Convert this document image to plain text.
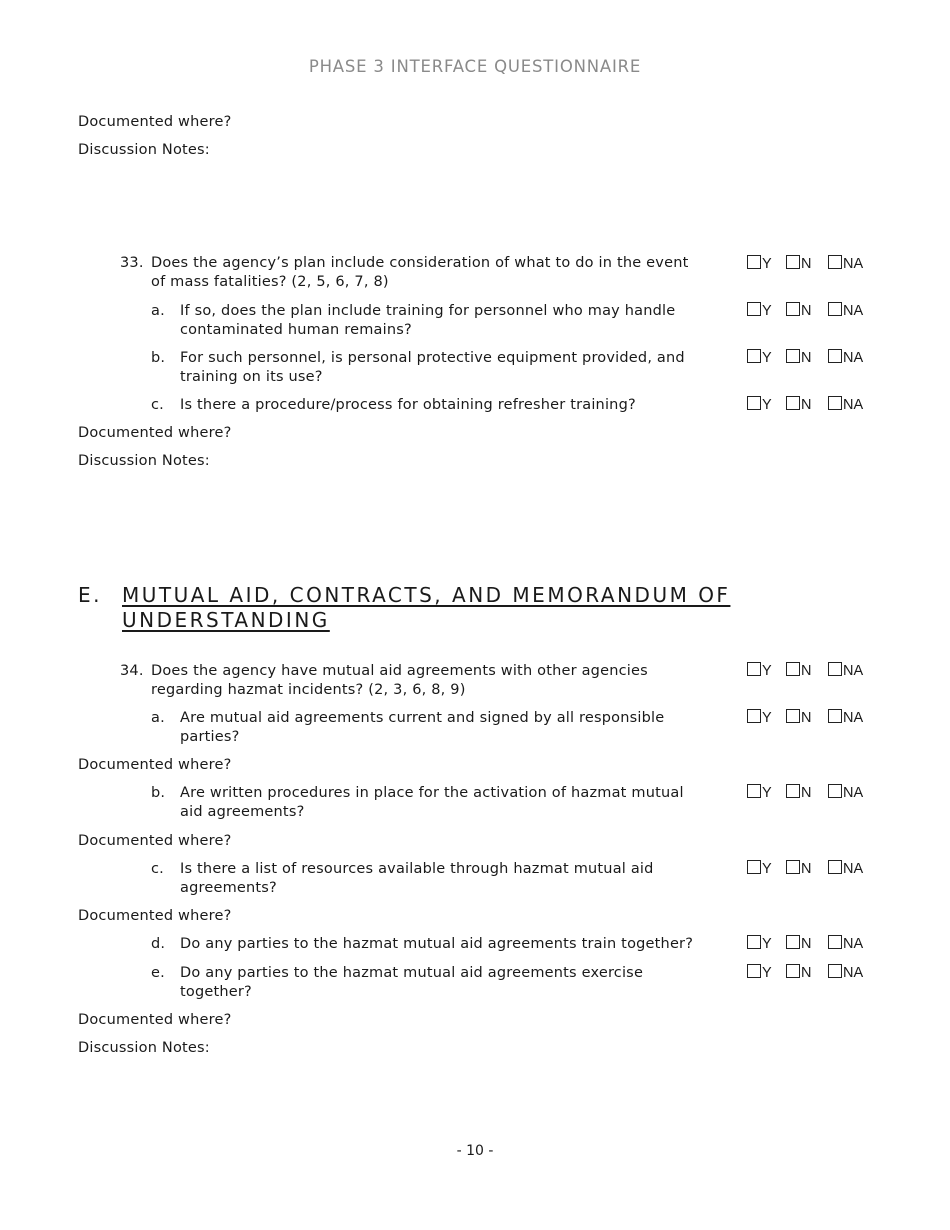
PHASE 3 INTERFACE QUESTIONNAIRE
Documented where?
Discussion Notes:
33. Does the agency’s plan include consideration of what to do in the event
of mass fatalities? (2, 5, 6, 7, 8)
Y N NA
a. If so, does the plan include training for personnel who may handle
contaminated human remains?
Y N NA
b. For such personnel, is personal protective equipment provided, and
training on its use?
Y N NA
c. Is there a procedure/process for obtaining refresher training?	Y N NA
Documented where?
Discussion Notes:
E. MUTUAL AID, CONTRACTS, AND MEMORANDUM OF
UNDERSTANDING
34. Does the agency have mutual aid agreements with other agencies
regarding hazmat incidents? (2, 3, 6, 8, 9)
Y N NA
a. Are mutual aid agreements current and signed by all responsible
parties?
Y N NA
Documented where?
b. Are written procedures in place for the activation of hazmat mutual
aid agreements?
Y N NA
Documented where?
c. Is there a list of resources available through hazmat mutual aid
agreements?
Y N NA
Documented where?
d. Do any parties to the hazmat mutual aid agreements train together?	Y N NA
e. Do any parties to the hazmat mutual aid agreements exercise
together?
Y N NA
Documented where?
Discussion Notes:
- 10 -
